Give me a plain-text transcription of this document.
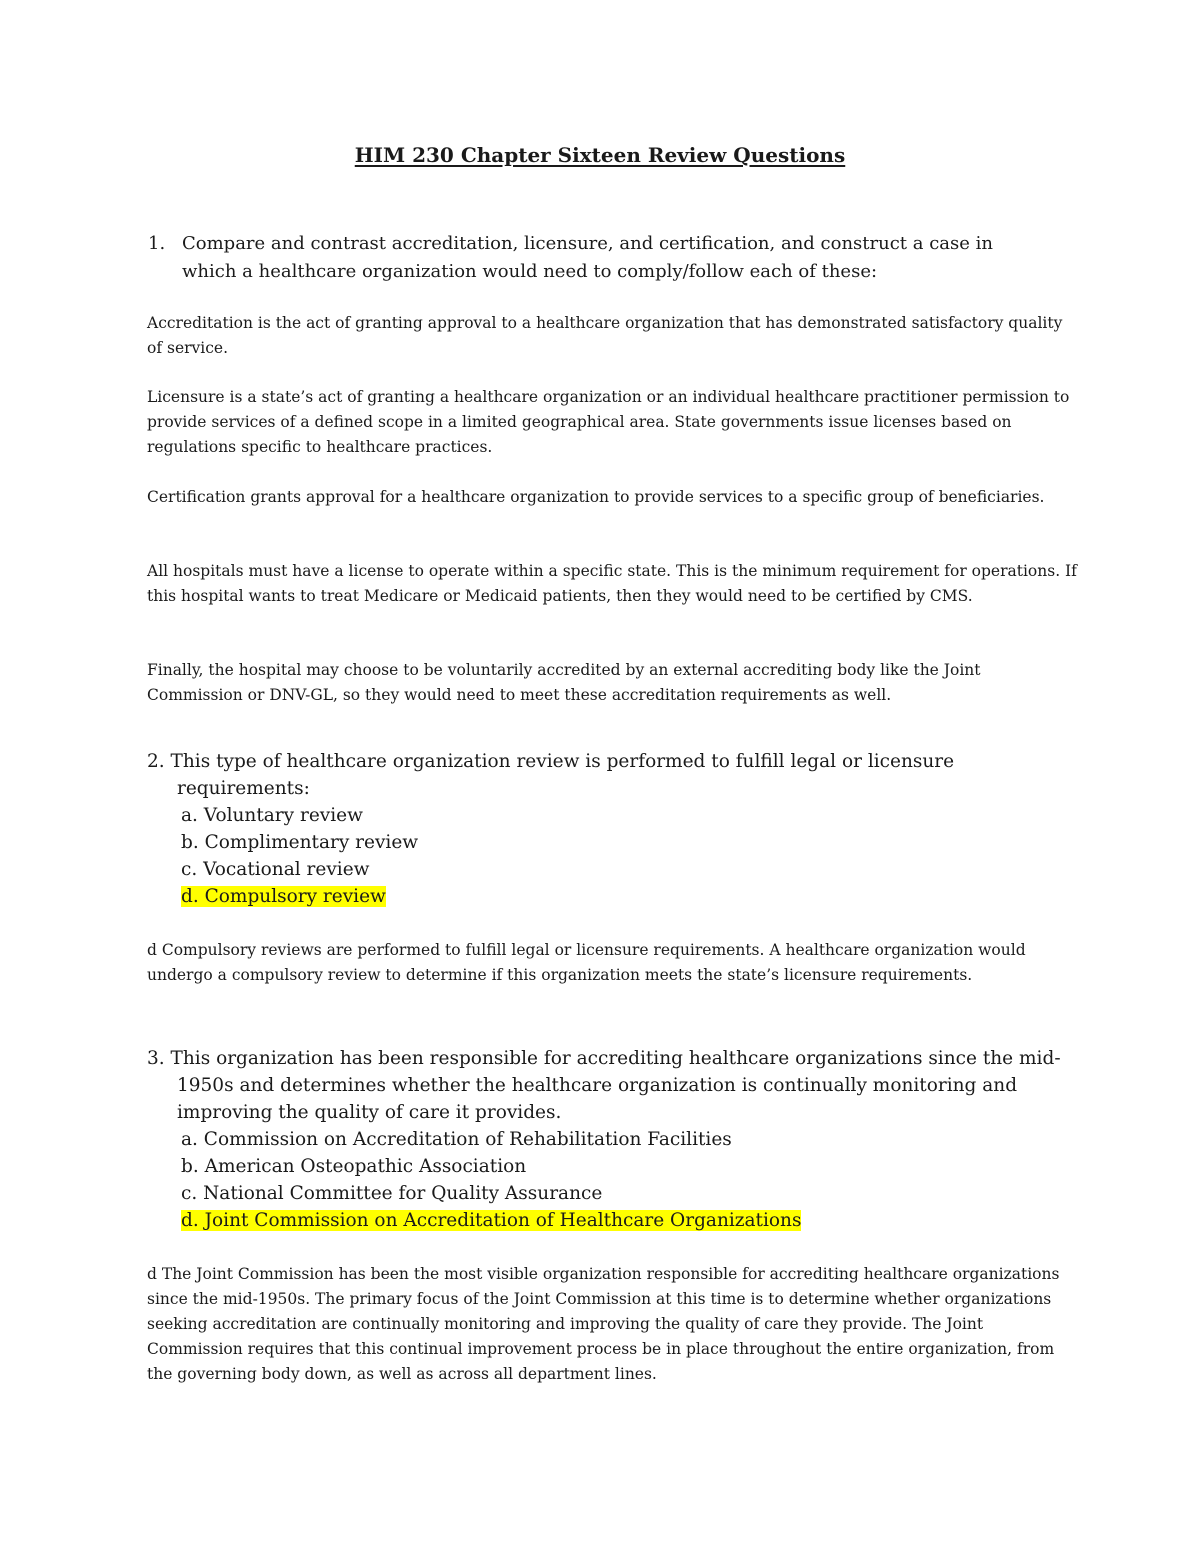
HIM 230 Chapter Sixteen Review Questions
1. Compare and contrast accreditation, licensure, and certification, and construct a case in which a healthcare organization would need to comply/follow each of these:
Accreditation is the act of granting approval to a healthcare organization that has demonstrated satisfactory quality of service.
Licensure is a state’s act of granting a healthcare organization or an individual healthcare practitioner permission to provide services of a defined scope in a limited geographical area. State governments issue licenses based on regulations specific to healthcare practices.
Certification grants approval for a healthcare organization to provide services to a specific group of beneficiaries.
All hospitals must have a license to operate within a specific state. This is the minimum requirement for operations. If this hospital wants to treat Medicare or Medicaid patients, then they would need to be certified by CMS.
Finally, the hospital may choose to be voluntarily accredited by an external accrediting body like the Joint Commission or DNV-GL, so they would need to meet these accreditation requirements as well.
2. This type of healthcare organization review is performed to fulfill legal or licensure requirements:
a. Voluntary review
b. Complimentary review
c. Vocational review
d. Compulsory review
d Compulsory reviews are performed to fulfill legal or licensure requirements. A healthcare organization would undergo a compulsory review to determine if this organization meets the state’s licensure requirements.
3. This organization has been responsible for accrediting healthcare organizations since the mid-1950s and determines whether the healthcare organization is continually monitoring and improving the quality of care it provides.
a. Commission on Accreditation of Rehabilitation Facilities
b. American Osteopathic Association
c. National Committee for Quality Assurance
d. Joint Commission on Accreditation of Healthcare Organizations
d The Joint Commission has been the most visible organization responsible for accrediting healthcare organizations since the mid-1950s. The primary focus of the Joint Commission at this time is to determine whether organizations seeking accreditation are continually monitoring and improving the quality of care they provide. The Joint Commission requires that this continual improvement process be in place throughout the entire organization, from the governing body down, as well as across all department lines.
